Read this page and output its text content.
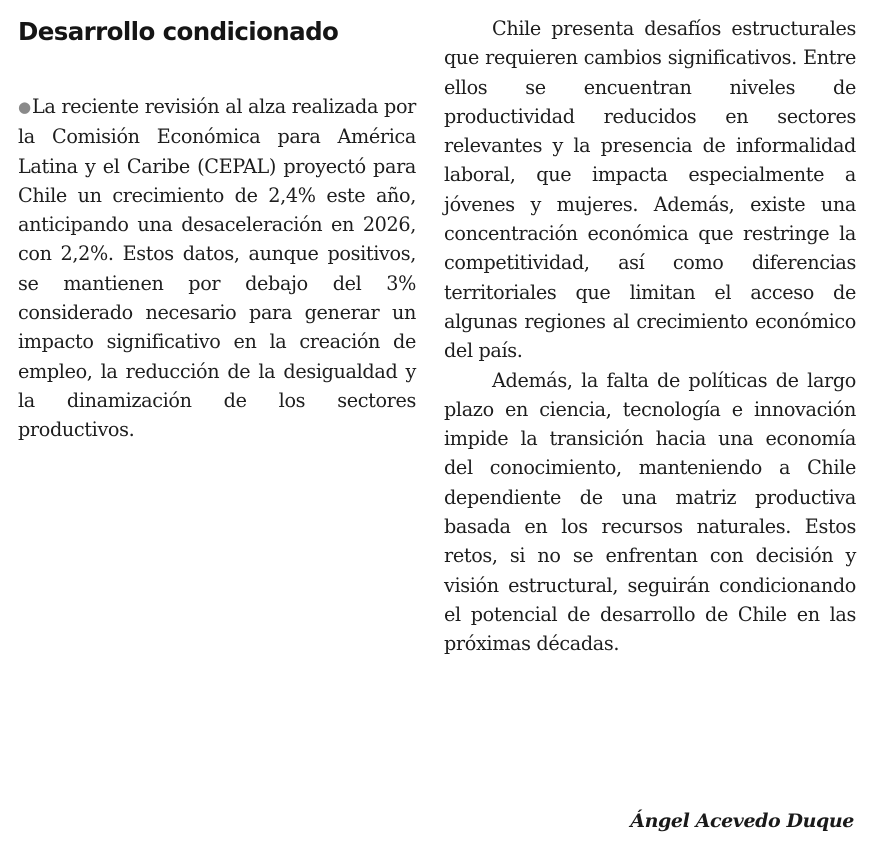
Desarrollo condicionado

●La reciente revisión al alza realizada por la Comisión Económica para América Latina y el Caribe (CEPAL) proyectó para Chile un crecimiento de 2,4% este año, anticipando una desaceleración en 2026, con 2,2%. Estos datos, aunque positivos, se mantienen por debajo del 3% considerado necesario para generar un impacto significativo en la creación de empleo, la reducción de la desigualdad y la dinamización de los sectores productivos.

Chile presenta desafíos estructurales que requieren cambios significativos. Entre ellos se encuentran niveles de productividad reducidos en sectores relevantes y la presencia de informalidad laboral, que impacta especialmente a jóvenes y mujeres. Además, existe una concentración económica que restringe la competitividad, así como diferencias territoriales que limitan el acceso de algunas regiones al crecimiento económico del país.

Además, la falta de políticas de largo plazo en ciencia, tecnología e innovación impide la transición hacia una economía del conocimiento, manteniendo a Chile dependiente de una matriz productiva basada en los recursos naturales. Estos retos, si no se enfrentan con decisión y visión estructural, seguirán condicionando el potencial de desarrollo de Chile en las próximas décadas.

Ángel Acevedo Duque
